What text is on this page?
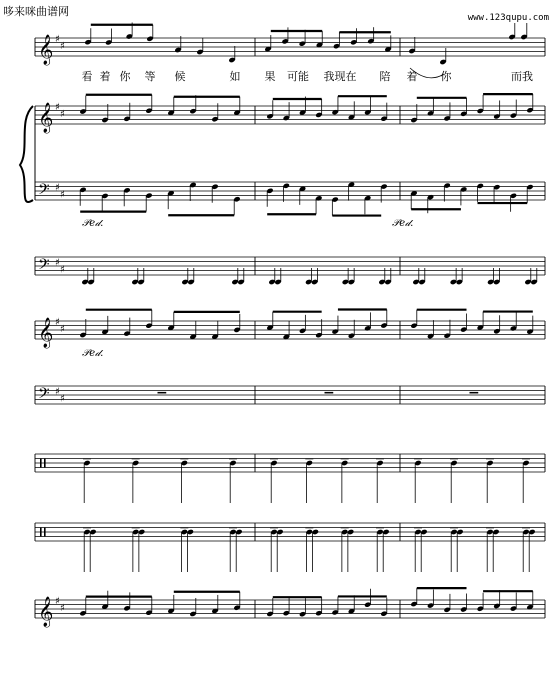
哆来咪曲谱网	www.123qupu.com
看 着 你 等 候	如 果 可能 我现在 陪 着 你	而我
𝄞 ♯
♯
𝄞 ♯
♯
𝄢 ♯
♯
𝄢 ♯
♯
𝄞 ♯
♯
𝄢 ♯
♯	−	−	−
𝄞 ♯
♯
𝒫𝑒𝒹.	𝒫𝑒𝒹.
𝒫𝑒𝒹.
